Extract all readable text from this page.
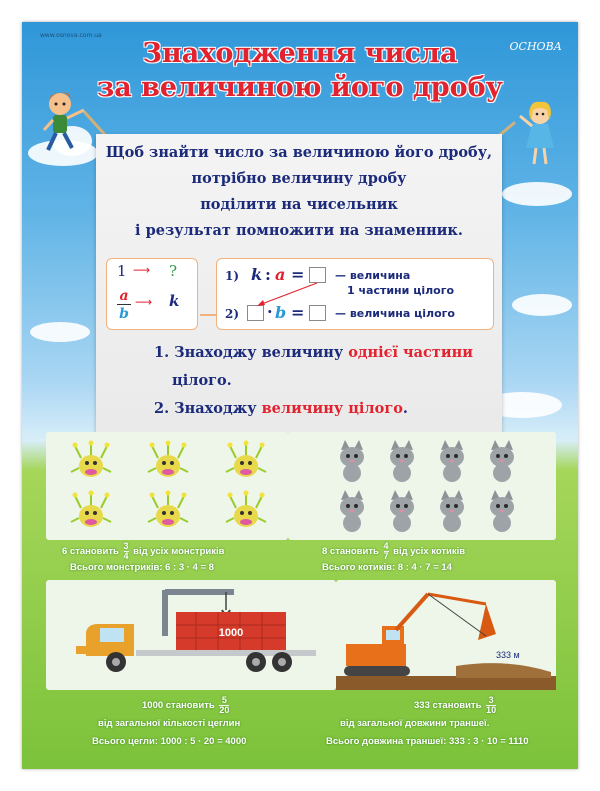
www.osnova.com.ua
ОСНОВА
Знаходження числа
за величиною його дробу
Щоб знайти число за величиною його дробу,
потрібно величину дробу
поділити на чисельник
і результат помножити на знаменник.
1 ⟶ ?
a
b
⟶ k
1) k : a =	— величина
1 частини цілого
2) · b =	— величина цілого
1. Знаходжу величину однієї частини
цілого.
2. Знаходжу величину цілого.
6 становить $\frac{3}{4}$ від усіх монстриків
Всього монстриків: 6 : 3 · 4 = 8
8 становить $\frac{4}{7}$ від усіх котиків
Всього котиків: 8 : 4 · 7 = 14
1000
1000 становить $\frac{5}{20}$
від загальної кількості цеглин
Всього цегли: 1000 : 5 · 20 = 4000
333 м
333 становить $\frac{3}{10}$
від загальної довжини траншеї.
Всього довжина траншеї: 333 : 3 · 10 = 1110
